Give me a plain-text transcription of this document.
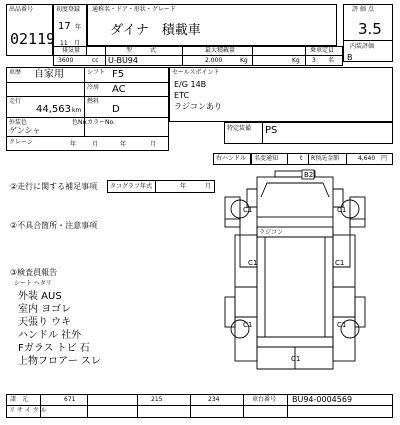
出品番号
02119
初度登録
17 年
11 月
通称名・ドア・形状・グレード
ダイナ　積載車
評 価 点
3.5
内装評価
B
排気量	型　　　式	最大積載量	乗車定員
3600	cc U-BU94	2,000	Kg	Kg 3 名
車歴 自家用	シフト F5
冷房 AC
走行
44,563 km
燃料
D
外装色	色No.
ゲンシャ
カラーNo.
クレーン	年	月	年	月
セールスポイント
E/G 14B
ETC
ラジコンあり
特定装備 PS
右ハンドル 名変通知	t R预託金額	4,640 円
②走行に関する補足事項 タコグラフ年式	年	月
②不具合箇所・注意事項
③検査員報告
シート ヘタリ
外装 AUS
室内 ヨゴレ
天張り ウキ
ハンドル 社外
Fガラス トビ 石
上物フロアー スレ
B2
C1	C1
C1	C1
C1	C1
C1
ラジコン
諸　元	671	215	234	車台番号 BU94-0004569
リ サ イ ク ル
